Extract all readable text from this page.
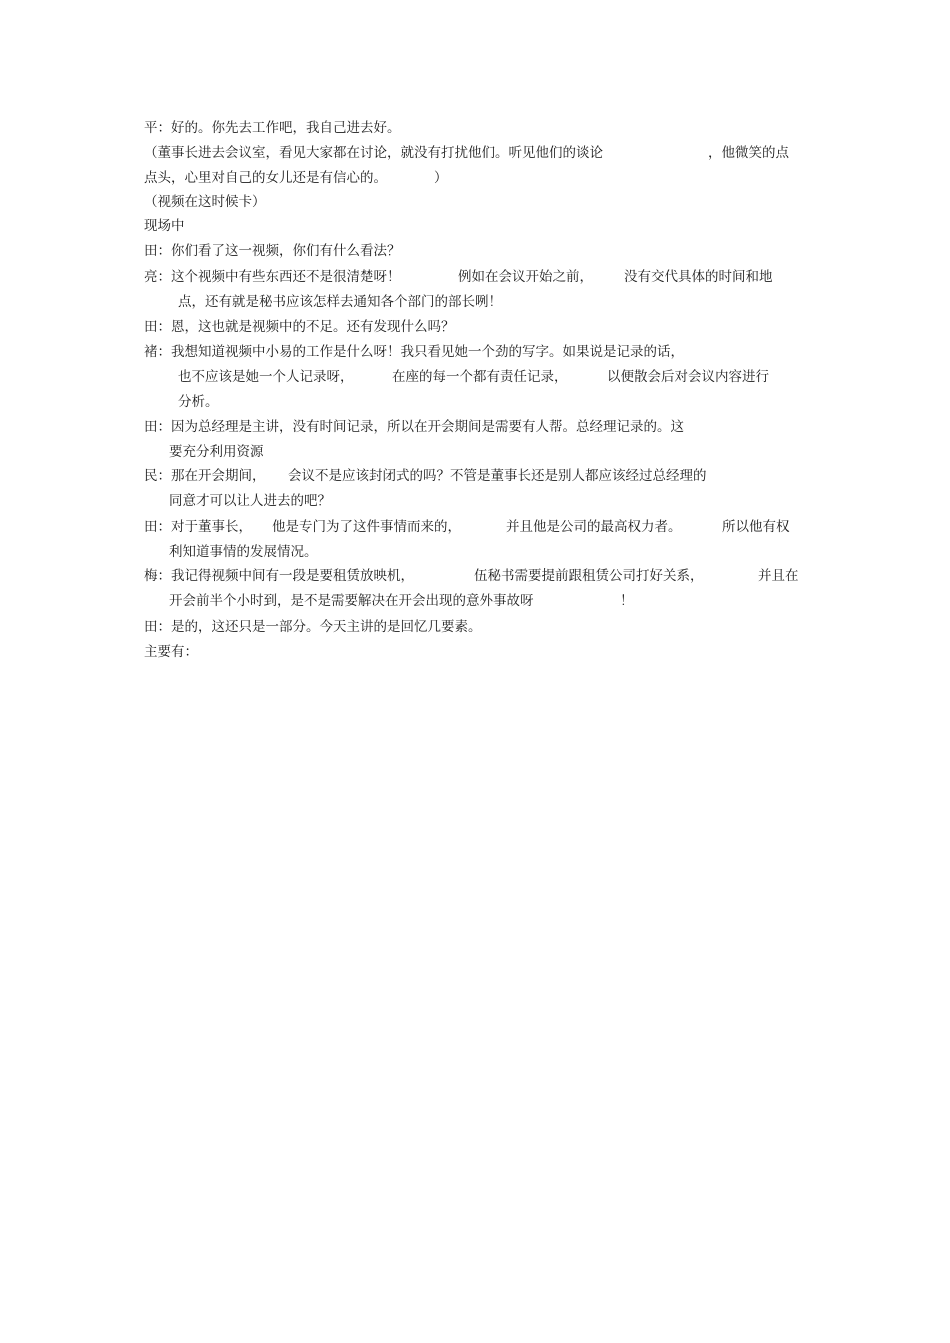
平：好的。你先去工作吧，我自己进去好。
（董事长进去会议室，看见大家都在讨论，就没有打扰他们。听见他们的谈论	，他微笑的点
点头，心里对自己的女儿还是有信心的。	）
（视频在这时候卡）
现场中
田：你们看了这一视频，你们有什么看法？
亮：这个视频中有些东西还不是很清楚呀！	例如在会议开始之前， 没有交代具体的时间和地
点，还有就是秘书应该怎样去通知各个部门的部长咧！
田：恩，这也就是视频中的不足。还有发现什么吗？
褚：我想知道视频中小易的工作是什么呀！我只看见她一个劲的写字。如果说是记录的话，
也不应该是她一个人记录呀，	在座的每一个都有责任记录，	以便散会后对会议内容进行
分析。
田：因为总经理是主讲，没有时间记录，所以在开会期间是需要有人帮。总经理记录的。这
要充分利用资源
民：那在开会期间， 会议不是应该封闭式的吗？不管是董事长还是别人都应该经过总经理的
同意才可以让人进去的吧？
田：对于董事长， 他是专门为了这件事情而来的，	并且他是公司的最高权力者。	所以他有权
利知道事情的发展情况。
梅：我记得视频中间有一段是要租赁放映机，	伍秘书需要提前跟租赁公司打好关系，	并且在
开会前半个小时到，是不是需要解决在开会出现的意外事故呀	！
田：是的，这还只是一部分。今天主讲的是回忆几要素。
主要有：
